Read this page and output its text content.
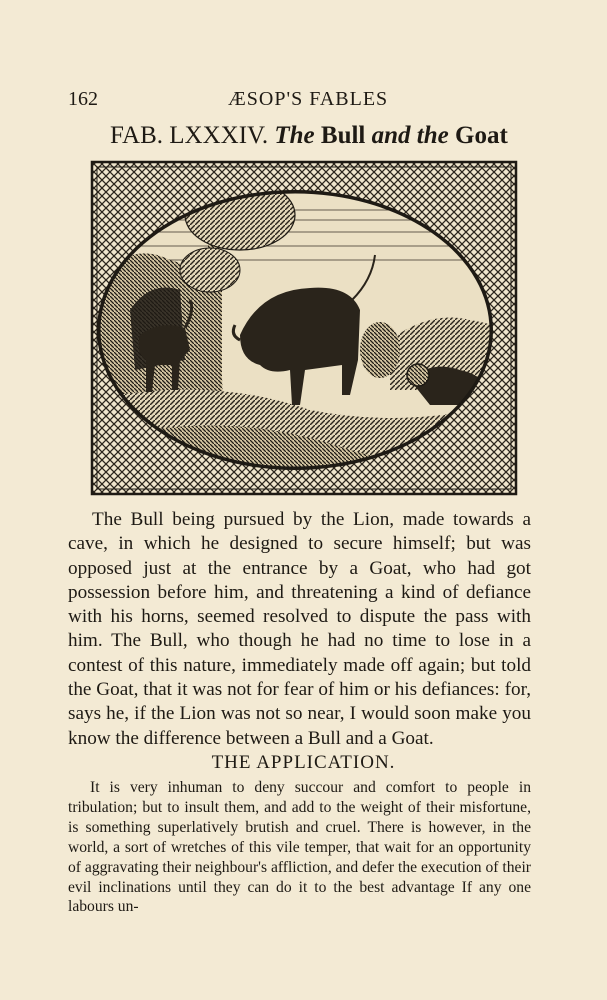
162	ÆSOP'S FABLES
FAB. LXXXIV. The Bull and the Goat

The Bull being pursued by the Lion, made towards a cave, in which he designed to secure himself; but was opposed just at the entrance by a Goat, who had got possession before him, and threatening a kind of defiance with his horns, seemed resolved to dispute the pass with him. The Bull, who though he had no time to lose in a contest of this nature, immediately made off again; but told the Goat, that it was not for fear of him or his defiances: for, says he, if the Lion was not so near, I would soon make you know the difference between a Bull and a Goat.

THE APPLICATION.

It is very inhuman to deny succour and comfort to people in tribulation; but to insult them, and add to the weight of their misfortune, is something superlatively brutish and cruel. There is however, in the world, a sort of wretches of this vile temper, that wait for an opportunity of aggravating their neighbour's affliction, and defer the execution of their evil inclinations until they can do it to the best advantage If any one labours un-
